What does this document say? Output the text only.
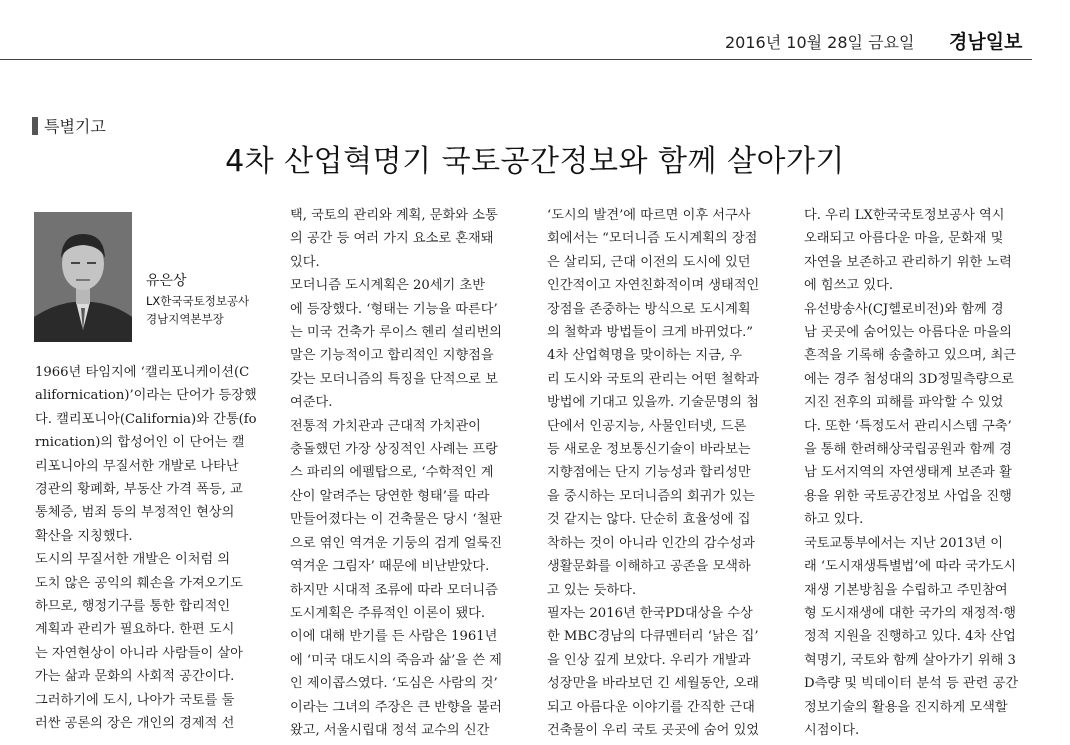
2016년 10월 28일 금요일 경남일보
특별기고
4차 산업혁명기 국토공간정보와 함께 살아가기
유은상
LX한국국토정보공사
경남지역본부장

1966년 타임지에 ‘캘리포니케이션(C

alifornication)’이라는 단어가 등장했

다. 캘리포니아(California)와 간통(fo

rnication)의 합성어인 이 단어는 캘

리포니아의 무질서한 개발로 나타난

경관의 황폐화, 부동산 가격 폭등, 교

통체증, 범죄 등의 부정적인 현상의

확산을 지칭했다.

도시의 무질서한 개발은 이처럼 의

도치 않은 공익의 훼손을 가져오기도

하므로, 행정기구를 통한 합리적인

계획과 관리가 필요하다. 한편 도시

는 자연현상이 아니라 사람들이 살아

가는 삶과 문화의 사회적 공간이다.

그러하기에 도시, 나아가 국토를 둘

러싼 공론의 장은 개인의 경제적 선

택, 국토의 관리와 계획, 문화와 소통

의 공간 등 여러 가지 요소로 혼재돼

있다.

모더니즘 도시계획은 20세기 초반

에 등장했다. ‘형태는 기능을 따른다’

는 미국 건축가 루이스 헨리 설리번의

말은 기능적이고 합리적인 지향점을

갖는 모더니즘의 특징을 단적으로 보

여준다.

전통적 가치관과 근대적 가치관이

충돌했던 가장 상징적인 사례는 프랑

스 파리의 에펠탑으로, ‘수학적인 계

산이 알려주는 당연한 형태’를 따라

만들어졌다는 이 건축물은 당시 ‘철판

으로 엮인 역겨운 기둥의 검게 얼룩진

역겨운 그림자’ 때문에 비난받았다.

하지만 시대적 조류에 따라 모더니즘

도시계획은 주류적인 이론이 됐다.

이에 대해 반기를 든 사람은 1961년

에 ‘미국 대도시의 죽음과 삶’을 쓴 제

인 제이콥스였다. ‘도심은 사람의 것’

이라는 그녀의 주장은 큰 반향을 불러

왔고, 서울시립대 정석 교수의 신간

‘도시의 발견’에 따르면 이후 서구사

회에서는 “모더니즘 도시계획의 장점

은 살리되, 근대 이전의 도시에 있던

인간적이고 자연친화적이며 생태적인

장점을 존중하는 방식으로 도시계획

의 철학과 방법들이 크게 바뀌었다.”

4차 산업혁명을 맞이하는 지금, 우

리 도시와 국토의 관리는 어떤 철학과

방법에 기대고 있을까. 기술문명의 첨

단에서 인공지능, 사물인터넷, 드론

등 새로운 정보통신기술이 바라보는

지향점에는 단지 기능성과 합리성만

을 중시하는 모더니즘의 회귀가 있는

것 같지는 않다. 단순히 효율성에 집

착하는 것이 아니라 인간의 감수성과

생활문화를 이해하고 공존을 모색하

고 있는 듯하다.

필자는 2016년 한국PD대상을 수상

한 MBC경남의 다큐멘터리 ‘낡은 집’

을 인상 깊게 보았다. 우리가 개발과

성장만을 바라보던 긴 세월동안, 오래

되고 아름다운 이야기를 간직한 근대

건축물이 우리 국토 곳곳에 숨어 있었

다. 우리 LX한국국토정보공사 역시

오래되고 아름다운 마을, 문화재 및

자연을 보존하고 관리하기 위한 노력

에 힘쓰고 있다.

유선방송사(CJ헬로비전)와 함께 경

남 곳곳에 숨어있는 아름다운 마을의

흔적을 기록해 송출하고 있으며, 최근

에는 경주 첨성대의 3D정밀측량으로

지진 전후의 피해를 파악할 수 있었

다. 또한 ‘특정도서 관리시스템 구축’

을 통해 한려해상국립공원과 함께 경

남 도서지역의 자연생태계 보존과 활

용을 위한 국토공간정보 사업을 진행

하고 있다.

국토교통부에서는 지난 2013년 이

래 ‘도시재생특별법’에 따라 국가도시

재생 기본방침을 수립하고 주민참여

형 도시재생에 대한 국가의 재정적·행

정적 지원을 진행하고 있다. 4차 산업

혁명기, 국토와 함께 살아가기 위해 3

D측량 및 빅데이터 분석 등 관련 공간

정보기술의 활용을 진지하게 모색할

시점이다.
